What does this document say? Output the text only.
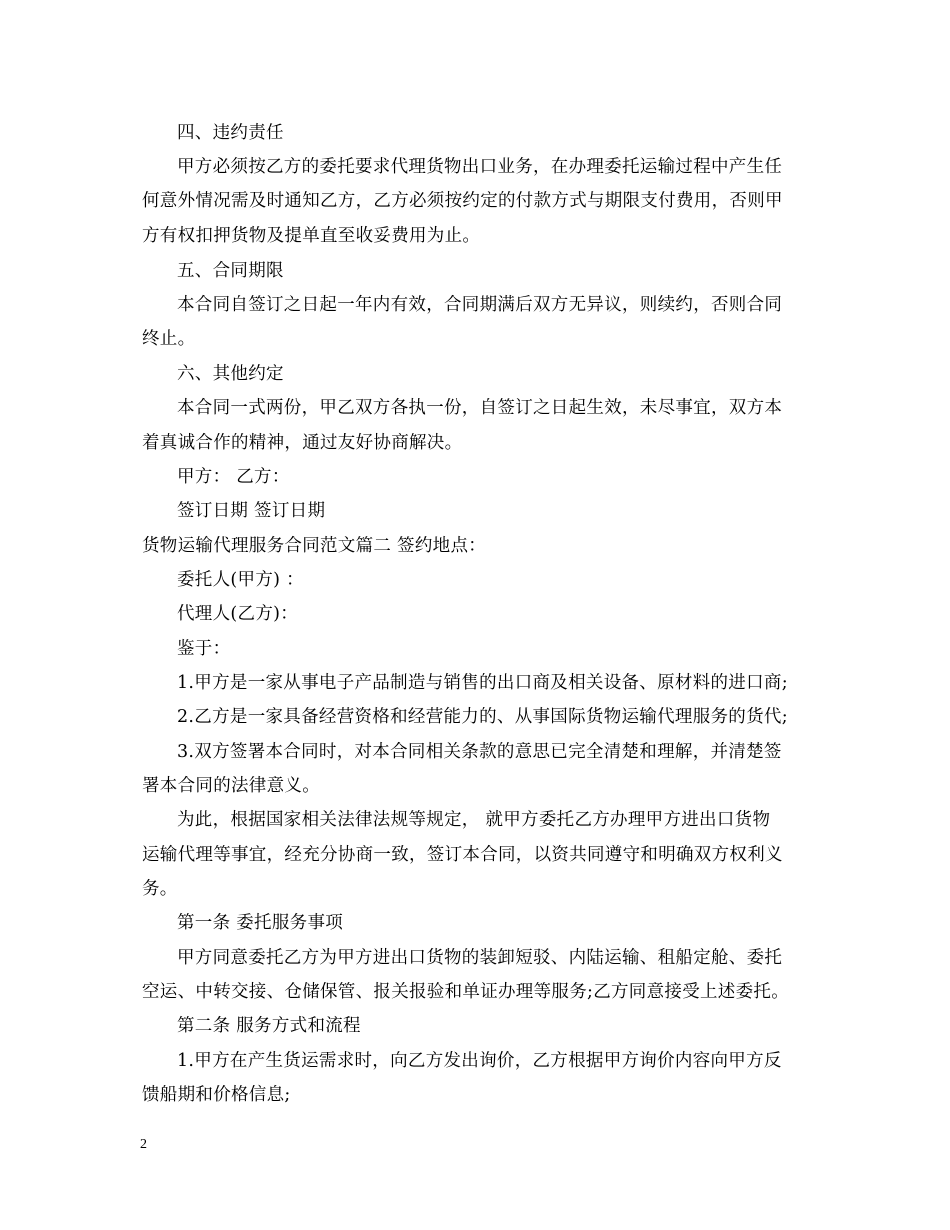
四、违约责任
甲方必须按乙方的委托要求代理货物出口业务，在办理委托运输过程中产生任
何意外情况需及时通知乙方，乙方必须按约定的付款方式与期限支付费用，否则甲
方有权扣押货物及提单直至收妥费用为止。
五、合同期限
本合同自签订之日起一年内有效，合同期满后双方无异议，则续约，否则合同
终止。
六、其他约定
本合同一式两份，甲乙双方各执一份，自签订之日起生效，未尽事宜，双方本
着真诚合作的精神，通过友好协商解决。
甲方： 乙方：
签订日期 签订日期
货物运输代理服务合同范文篇二 签约地点：
委托人(甲方) ：
代理人(乙方)：
鉴于：
1.甲方是一家从事电子产品制造与销售的出口商及相关设备、原材料的进口商;
2.乙方是一家具备经营资格和经营能力的、从事国际货物运输代理服务的货代;
3.双方签署本合同时，对本合同相关条款的意思已完全清楚和理解，并清楚签
署本合同的法律意义。
为此，根据国家相关法律法规等规定， 就甲方委托乙方办理甲方进出口货物
运输代理等事宜，经充分协商一致，签订本合同，以资共同遵守和明确双方权利义
务。
第一条 委托服务事项
甲方同意委托乙方为甲方进出口货物的装卸短驳、内陆运输、租船定舱、委托
空运、中转交接、仓储保管、报关报验和单证办理等服务;乙方同意接受上述委托。
第二条 服务方式和流程
1.甲方在产生货运需求时，向乙方发出询价，乙方根据甲方询价内容向甲方反
馈船期和价格信息;
2
